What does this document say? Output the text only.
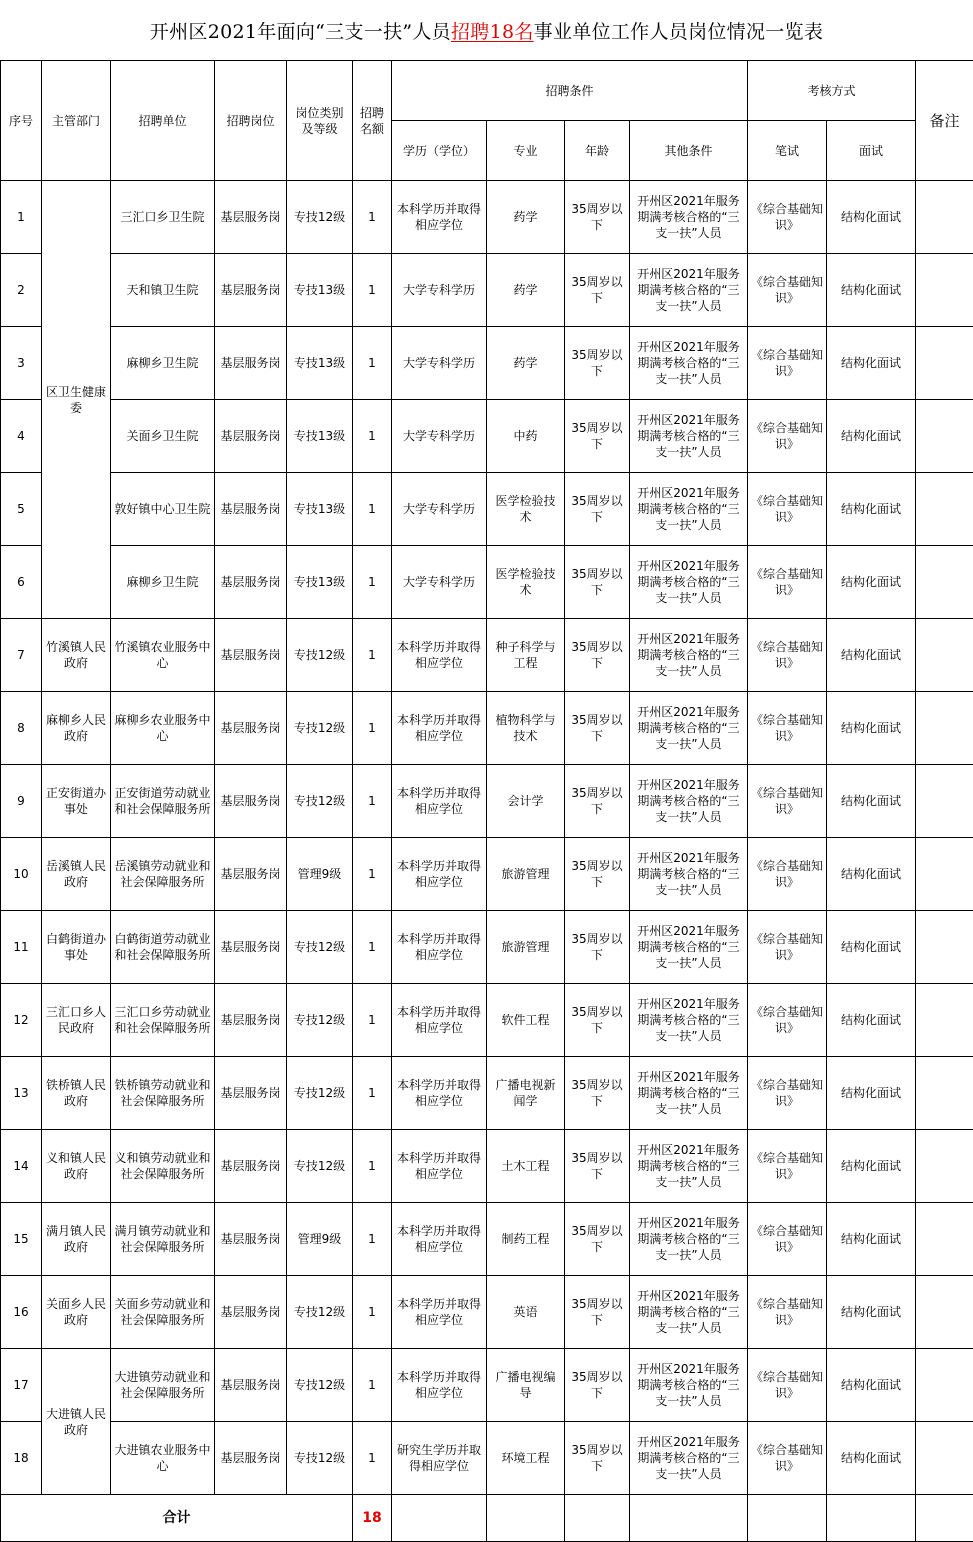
开州区2021年面向“三支一扶”人员 招聘18名 事业单位工作人员岗位情况一览表
序号	主管部门	招聘单位	招聘岗位	岗位类别及等级	招聘名额	招聘条件				考核方式		备注
						学历（学位）	专业	年龄	其他条件	笔试	面试	
1	区卫生健康委	三汇口乡卫生院	基层服务岗	专技12级	1	本科学历并取得相应学位	药学	35周岁以下	开州区2021年服务期满考核合格的“三支一扶”人员	《综合基础知识》	结构化面试	
2		天和镇卫生院	基层服务岗	专技13级	1	大学专科学历	药学	35周岁以下	开州区2021年服务期满考核合格的“三支一扶”人员	《综合基础知识》	结构化面试	
3		麻柳乡卫生院	基层服务岗	专技13级	1	大学专科学历	药学	35周岁以下	开州区2021年服务期满考核合格的“三支一扶”人员	《综合基础知识》	结构化面试	
4		关面乡卫生院	基层服务岗	专技13级	1	大学专科学历	中药	35周岁以下	开州区2021年服务期满考核合格的“三支一扶”人员	《综合基础知识》	结构化面试	
5		敦好镇中心卫生院	基层服务岗	专技13级	1	大学专科学历	医学检验技术	35周岁以下	开州区2021年服务期满考核合格的“三支一扶”人员	《综合基础知识》	结构化面试	
6		麻柳乡卫生院	基层服务岗	专技13级	1	大学专科学历	医学检验技术	35周岁以下	开州区2021年服务期满考核合格的“三支一扶”人员	《综合基础知识》	结构化面试	
7	竹溪镇人民政府	竹溪镇农业服务中心	基层服务岗	专技12级	1	本科学历并取得相应学位	种子科学与工程	35周岁以下	开州区2021年服务期满考核合格的“三支一扶”人员	《综合基础知识》	结构化面试	
8	麻柳乡人民政府	麻柳乡农业服务中心	基层服务岗	专技12级	1	本科学历并取得相应学位	植物科学与技术	35周岁以下	开州区2021年服务期满考核合格的“三支一扶”人员	《综合基础知识》	结构化面试	
9	正安街道办事处	正安街道劳动就业和社会保障服务所	基层服务岗	专技12级	1	本科学历并取得相应学位	会计学	35周岁以下	开州区2021年服务期满考核合格的“三支一扶”人员	《综合基础知识》	结构化面试	
10	岳溪镇人民政府	岳溪镇劳动就业和社会保障服务所	基层服务岗	管理9级	1	本科学历并取得相应学位	旅游管理	35周岁以下	开州区2021年服务期满考核合格的“三支一扶”人员	《综合基础知识》	结构化面试	
11	白鹤街道办事处	白鹤街道劳动就业和社会保障服务所	基层服务岗	专技12级	1	本科学历并取得相应学位	旅游管理	35周岁以下	开州区2021年服务期满考核合格的“三支一扶”人员	《综合基础知识》	结构化面试	
12	三汇口乡人民政府	三汇口乡劳动就业和社会保障服务所	基层服务岗	专技12级	1	本科学历并取得相应学位	软件工程	35周岁以下	开州区2021年服务期满考核合格的“三支一扶”人员	《综合基础知识》	结构化面试	
13	铁桥镇人民政府	铁桥镇劳动就业和社会保障服务所	基层服务岗	专技12级	1	本科学历并取得相应学位	广播电视新闻学	35周岁以下	开州区2021年服务期满考核合格的“三支一扶”人员	《综合基础知识》	结构化面试	
14	义和镇人民政府	义和镇劳动就业和社会保障服务所	基层服务岗	专技12级	1	本科学历并取得相应学位	土木工程	35周岁以下	开州区2021年服务期满考核合格的“三支一扶”人员	《综合基础知识》	结构化面试	
15	满月镇人民政府	满月镇劳动就业和社会保障服务所	基层服务岗	管理9级	1	本科学历并取得相应学位	制药工程	35周岁以下	开州区2021年服务期满考核合格的“三支一扶”人员	《综合基础知识》	结构化面试	
16	关面乡人民政府	关面乡劳动就业和社会保障服务所	基层服务岗	专技12级	1	本科学历并取得相应学位	英语	35周岁以下	开州区2021年服务期满考核合格的“三支一扶”人员	《综合基础知识》	结构化面试	
17	大进镇人民政府	大进镇劳动就业和社会保障服务所	基层服务岗	专技12级	1	本科学历并取得相应学位	广播电视编导	35周岁以下	开州区2021年服务期满考核合格的“三支一扶”人员	《综合基础知识》	结构化面试	
18		大进镇农业服务中心	基层服务岗	专技12级	1	研究生学历并取得相应学位	环境工程	35周岁以下	开州区2021年服务期满考核合格的“三支一扶”人员	《综合基础知识》	结构化面试	
合计					18							
